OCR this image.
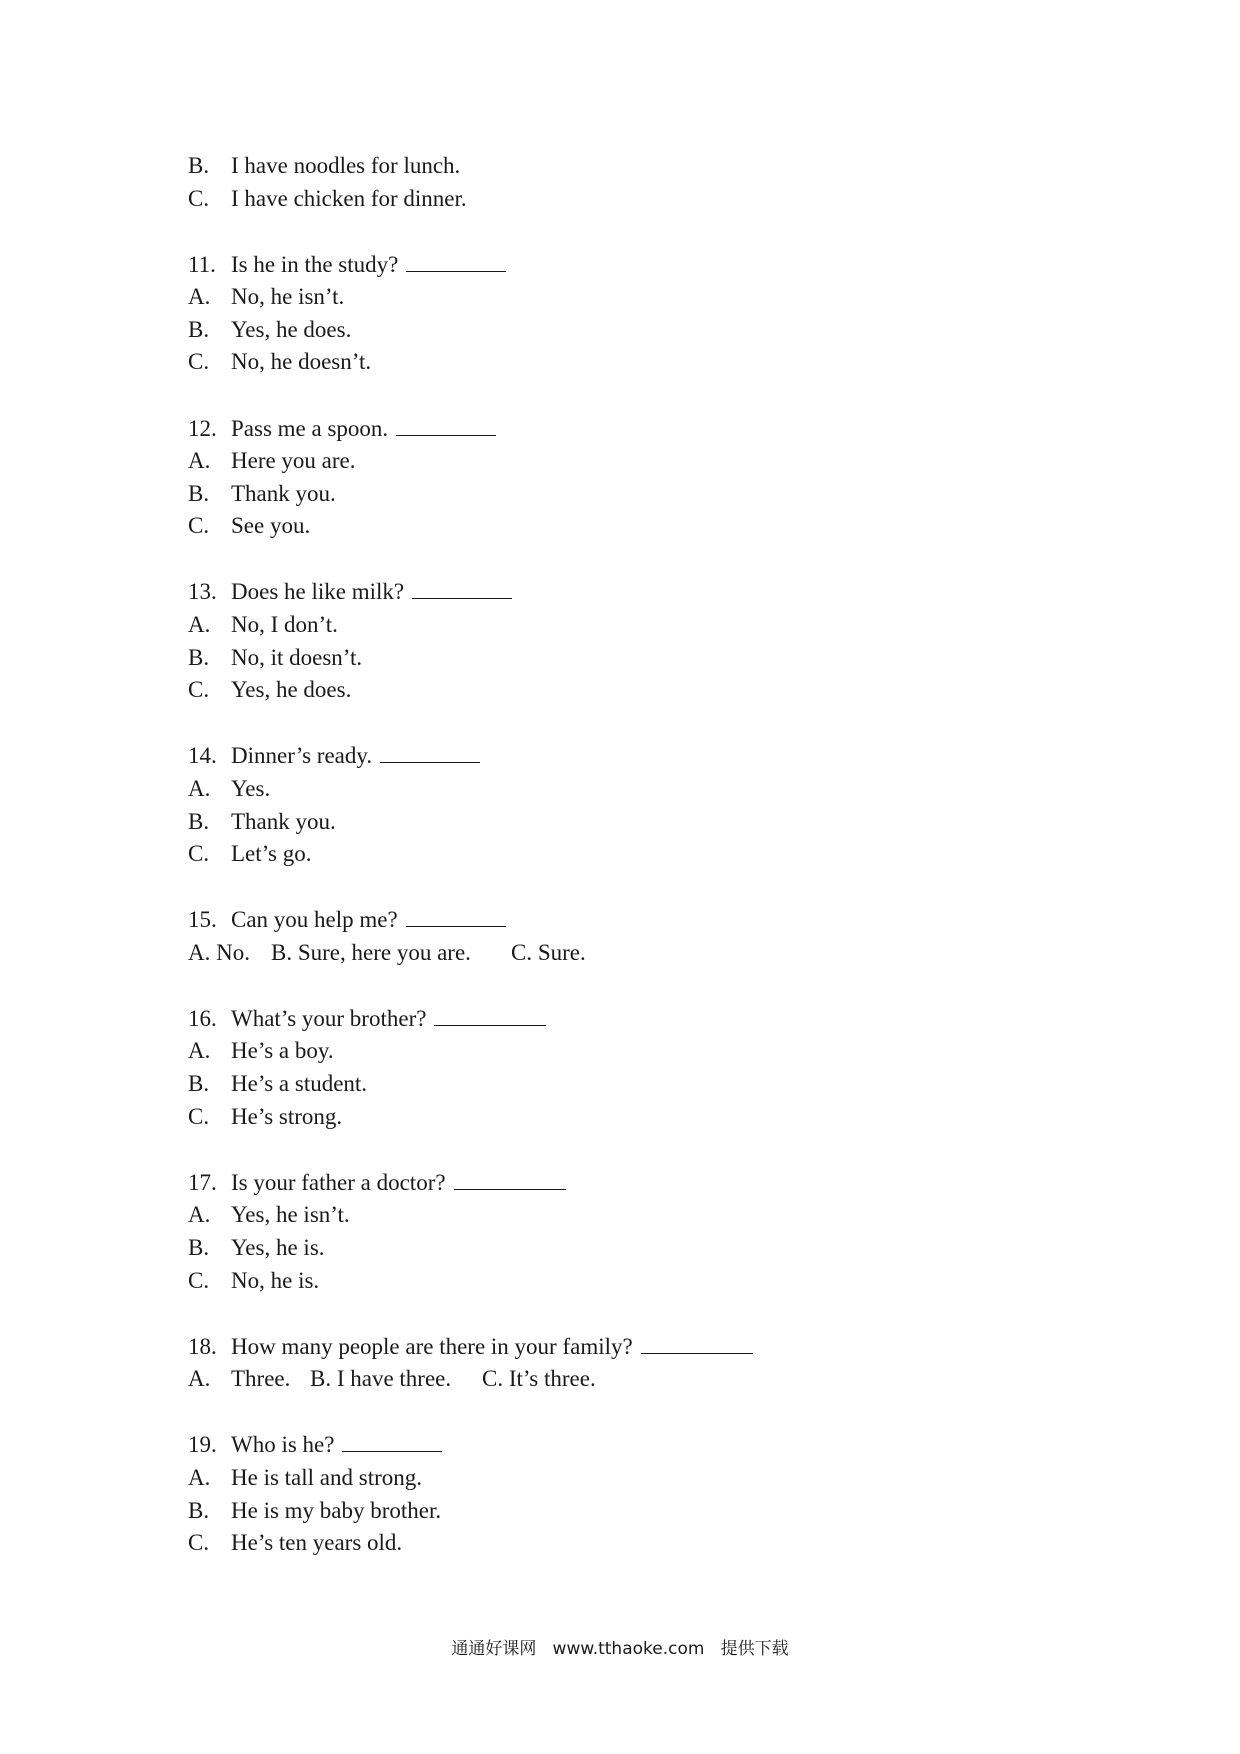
B. I have noodles for lunch.
C. I have chicken for dinner.
11. Is he in the study?
A. No, he isn’t.
B. Yes, he does.
C. No, he doesn’t.
12. Pass me a spoon.
A. Here you are.
B. Thank you.
C. See you.
13. Does he like milk?
A. No, I don’t.
B. No, it doesn’t.
C. Yes, he does.
14. Dinner’s ready.
A. Yes.
B. Thank you.
C. Let’s go.
15. Can you help me?
A. No. B. Sure, here you are. C. Sure.
16. What’s your brother?
A. He’s a boy.
B. He’s a student.
C. He’s strong.
17. Is your father a doctor?
A. Yes, he isn’t.
B. Yes, he is.
C. No, he is.
18. How many people are there in your family?
A. Three. B. I have three. C. It’s three.
19. Who is he?
A. He is tall and strong.
B. He is my baby brother.
C. He’s ten years old.
通通好课网 www.tthaoke.com 提供下载
